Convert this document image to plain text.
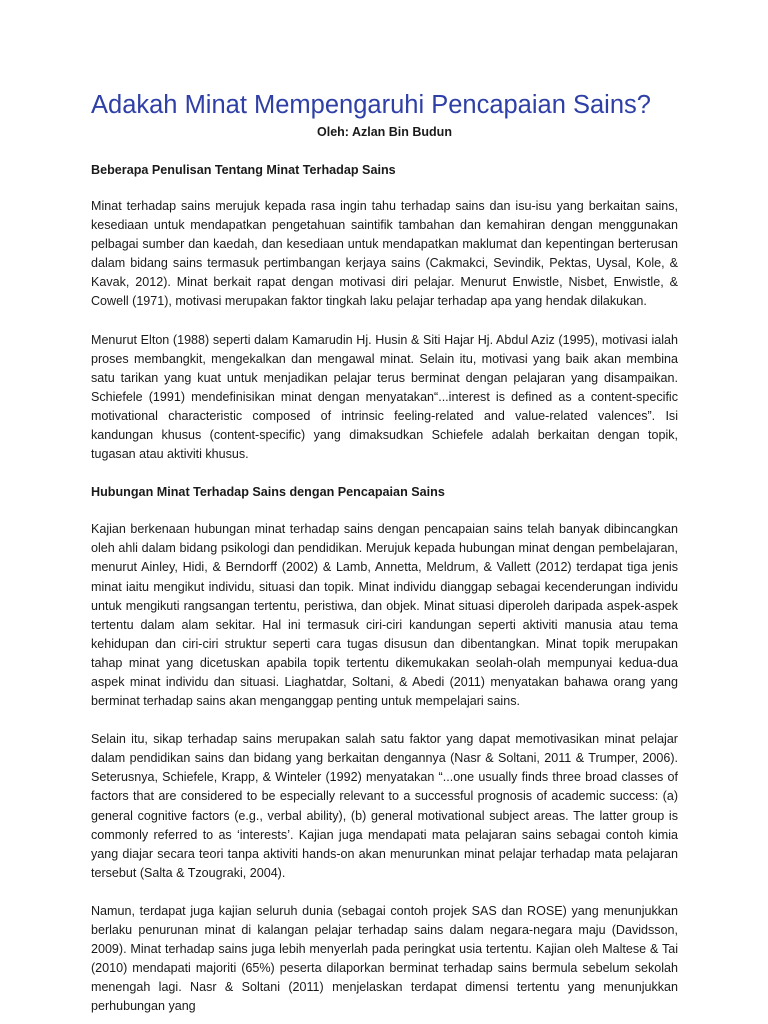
Adakah Minat Mempengaruhi Pencapaian Sains?

Oleh: Azlan Bin Budun

Beberapa Penulisan Tentang Minat Terhadap Sains

Minat terhadap sains merujuk kepada rasa ingin tahu terhadap sains dan isu-isu yang berkaitan sains, kesediaan untuk mendapatkan pengetahuan saintifik tambahan dan kemahiran dengan menggunakan pelbagai sumber dan kaedah, dan kesediaan untuk mendapatkan maklumat dan kepentingan berterusan dalam bidang sains termasuk pertimbangan kerjaya sains (Cakmakci, Sevindik, Pektas, Uysal, Kole, & Kavak, 2012). Minat berkait rapat dengan motivasi diri pelajar. Menurut Enwistle, Nisbet, Enwistle, & Cowell (1971), motivasi merupakan faktor tingkah laku pelajar terhadap apa yang hendak dilakukan.

Menurut Elton (1988) seperti dalam Kamarudin Hj. Husin & Siti Hajar Hj. Abdul Aziz (1995), motivasi ialah proses membangkit, mengekalkan dan mengawal minat. Selain itu, motivasi yang baik akan membina satu tarikan yang kuat untuk menjadikan pelajar terus berminat dengan pelajaran yang disampaikan. Schiefele (1991) mendefinisikan minat dengan menyatakan“...interest is defined as a content-specific motivational characteristic composed of intrinsic feeling-related and value-related valences”. Isi kandungan khusus (content-specific) yang dimaksudkan Schiefele adalah berkaitan dengan topik, tugasan atau aktiviti khusus.

Hubungan Minat Terhadap Sains dengan Pencapaian Sains

Kajian berkenaan hubungan minat terhadap sains dengan pencapaian sains telah banyak dibincangkan oleh ahli dalam bidang psikologi dan pendidikan. Merujuk kepada hubungan minat dengan pembelajaran, menurut Ainley, Hidi, & Berndorff (2002) & Lamb, Annetta, Meldrum, & Vallett (2012) terdapat tiga jenis minat iaitu mengikut individu, situasi dan topik. Minat individu dianggap sebagai kecenderungan individu untuk mengikuti rangsangan tertentu, peristiwa, dan objek. Minat situasi diperoleh daripada aspek-aspek tertentu dalam alam sekitar. Hal ini termasuk ciri-ciri kandungan seperti aktiviti manusia atau tema kehidupan dan ciri-ciri struktur seperti cara tugas disusun dan dibentangkan. Minat topik merupakan tahap minat yang dicetuskan apabila topik tertentu dikemukakan seolah-olah mempunyai kedua-dua aspek minat individu dan situasi. Liaghatdar, Soltani, & Abedi (2011) menyatakan bahawa orang yang berminat terhadap sains akan menganggap penting untuk mempelajari sains.

Selain itu, sikap terhadap sains merupakan salah satu faktor yang dapat memotivasikan minat pelajar dalam pendidikan sains dan bidang yang berkaitan dengannya (Nasr & Soltani, 2011 & Trumper, 2006). Seterusnya, Schiefele, Krapp, & Winteler (1992) menyatakan “...one usually finds three broad classes of factors that are considered to be especially relevant to a successful prognosis of academic success: (a) general cognitive factors (e.g., verbal ability), (b) general motivational subject areas. The latter group is commonly referred to as ‘interests’. Kajian juga mendapati mata pelajaran sains sebagai contoh kimia yang diajar secara teori tanpa aktiviti hands-on akan menurunkan minat pelajar terhadap mata pelajaran tersebut (Salta & Tzougraki, 2004).

Namun, terdapat juga kajian seluruh dunia (sebagai contoh projek SAS dan ROSE) yang menunjukkan berlaku penurunan minat di kalangan pelajar terhadap sains dalam negara-negara maju (Davidsson, 2009). Minat terhadap sains juga lebih menyerlah pada peringkat usia tertentu. Kajian oleh Maltese & Tai (2010) mendapati majoriti (65%) peserta dilaporkan berminat terhadap sains bermula sebelum sekolah menengah lagi. Nasr & Soltani (2011) menjelaskan terdapat dimensi tertentu yang menunjukkan perhubungan yang
